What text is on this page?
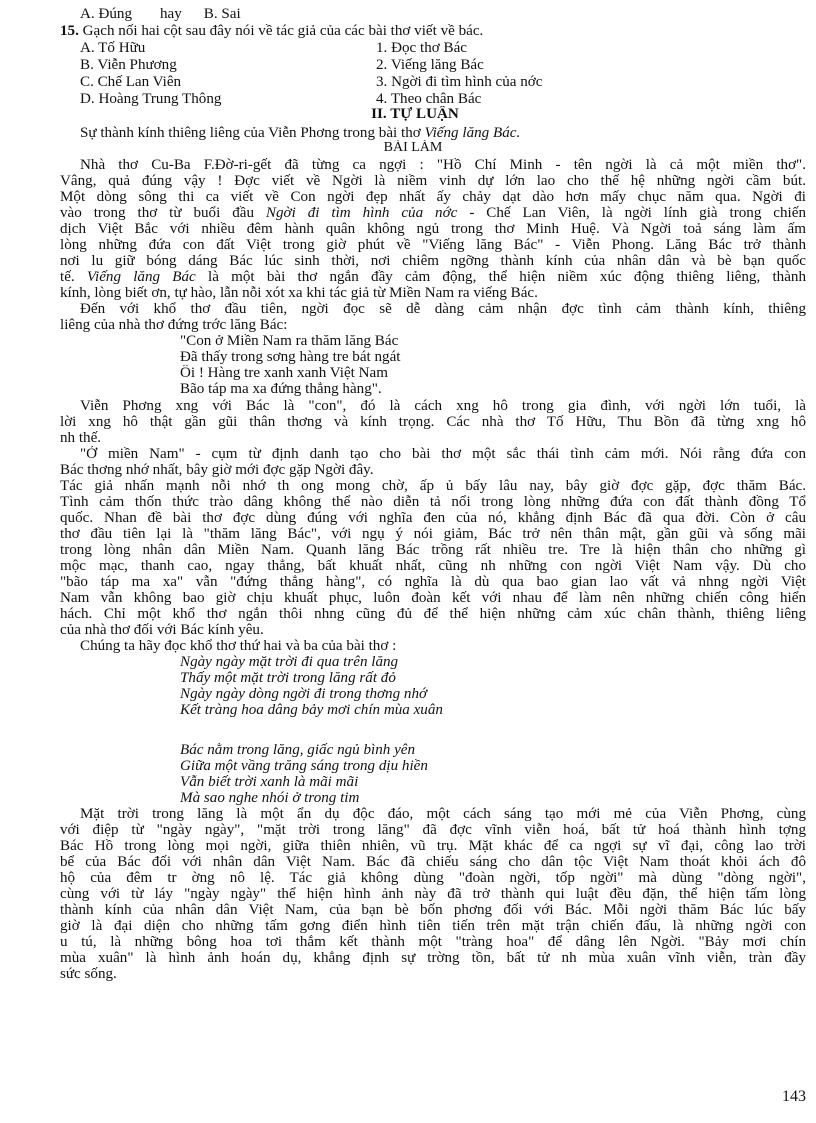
A. Đúng hay B. Sai
15. Gạch nối hai cột sau đây nói về tác giả của các bài thơ viết về bác.
A. Tố Hữu
B. Viễn Phương
C. Chế Lan Viên
D. Hoàng Trung Thông
1. Đọc thơ Bác
2. Viếng lăng Bác
3. Ngời đi tìm hình của nớc
4. Theo chân Bác
II. TỰ LUẬN
Sự thành kính thiêng liêng của Viễn Phơng trong bài thơ Viếng lăng Bác.
BÀI LÀM
Nhà thơ Cu-Ba F.Đờ-ri-gết đã từng ca ngợi : "Hồ Chí Minh - tên ngời là cả một miền thơ".
Vâng, quả đúng vậy ! Đợc viết về Ngời là niềm vinh dự lớn lao cho thế hệ những ngời cầm bút.
Một dòng sông thi ca viết về Con ngời đẹp nhất ấy chảy dạt dào hơn mấy chục năm qua. Ngời đi
vào trong thơ từ buổi đầu Ngời đi tìm hình của nớc - Chế Lan Viên, là ngời lính già trong chiến
dịch Việt Bắc với nhiều đêm hành quân không ngủ trong thơ Minh Huệ. Và Ngời toả sáng làm ấm
lòng những đứa con đất Việt trong giờ phút về "Viếng lăng Bác" - Viễn Phong. Lăng Bác trở thành
nơi lu giữ bóng dáng Bác lúc sinh thời, nơi chiêm ngỡng thành kính của nhân dân và bè bạn quốc
tế. Viếng lăng Bác là một bài thơ ngắn đầy cảm động, thể hiện niềm xúc động thiêng liêng, thành
kính, lòng biết ơn, tự hào, lẫn nỗi xót xa khi tác giả từ Miền Nam ra viếng Bác.
Đến với khổ thơ đầu tiên, ngời đọc sẽ dễ dàng cảm nhận đợc tình cảm thành kính, thiêng
liêng của nhà thơ đứng trớc lăng Bác:
"Con ở Miền Nam ra thăm lăng Bác
Đã thấy trong sơng hàng tre bát ngát
Ôi ! Hàng tre xanh xanh Việt Nam
Bão táp ma xa đứng thẳng hàng".
Viễn Phơng xng với Bác là "con", đó là cách xng hô trong gia đình, với ngời lớn tuổi, là
lời xng hô thật gần gũi thân thơng và kính trọng. Các nhà thơ Tố Hữu, Thu Bồn đã từng xng hô
nh thế.
"Ở miền Nam" - cụm từ định danh tạo cho bài thơ một sắc thái tình cảm mới. Nói rằng đứa con
Bác thơng nhớ nhất, bây giờ mới đợc gặp Ngời đây.
Tác giả nhấn mạnh nỗi nhớ th ong mong chờ, ấp ủ bấy lâu nay, bây giờ đợc gặp, đợc thăm Bác.
Tình cảm thốn thức trào dâng không thể nào diễn tả nổi trong lòng những đứa con đất thành đồng Tổ
quốc. Nhan đề bài thơ đợc dùng đúng với nghĩa đen của nó, khẳng định Bác đã qua đời. Còn ở câu
thơ đầu tiên lại là "thăm lăng Bác", với ngụ ý nói giảm, Bác trở nên thân mật, gần gũi và sống mãi
trong lòng nhân dân Miền Nam. Quanh lăng Bác trồng rất nhiều tre. Tre là hiện thân cho những gì
mộc mạc, thanh cao, ngay thẳng, bất khuất nhất, cũng nh những con ngời Việt Nam vậy. Dù cho
"bão táp ma xa" vẫn "đứng thẳng hàng", có nghĩa là dù qua bao gian lao vất vả nhng ngời Việt
Nam vẫn không bao giờ chịu khuất phục, luôn đoàn kết với nhau để làm nên những chiến công hiển
hách. Chỉ một khổ thơ ngắn thôi nhng cũng đủ để thể hiện những cảm xúc chân thành, thiêng liêng
của nhà thơ đối với Bác kính yêu.
Chúng ta hãy đọc khổ thơ thứ hai và ba của bài thơ :
Ngày ngày mặt trời đi qua trên lăng
Thấy một mặt trời trong lăng rất đỏ
Ngày ngày dòng ngời đi trong thơng nhớ
Kết tràng hoa dâng bảy mơi chín mùa xuân
Bác nằm trong lăng, giấc ngủ bình yên
Giữa một vầng trăng sáng trong dịu hiền
Vẫn biết trời xanh là mãi mãi
Mà sao nghe nhói ở trong tim
Mặt trời trong lăng là một ẩn dụ độc đáo, một cách sáng tạo mới mẻ của Viễn Phơng, cùng
với điệp từ "ngày ngày", "mặt trời trong lăng" đã đợc vĩnh viễn hoá, bất tử hoá thành hình tợng
Bác Hồ trong lòng mọi ngời, giữa thiên nhiên, vũ trụ. Mặt khác để ca ngợi sự vĩ đại, công lao trời
bể của Bác đối với nhân dân Việt Nam. Bác đã chiếu sáng cho dân tộc Việt Nam thoát khỏi ách đô
hộ của đêm tr ờng nô lệ. Tác giả không dùng "đoàn ngời, tốp ngời" mà dùng "dòng ngời",
cùng với từ láy "ngày ngày" thể hiện hình ảnh này đã trở thành qui luật đều đặn, thể hiện tấm lòng
thành kính của nhân dân Việt Nam, của bạn bè bốn phơng đối với Bác. Mỗi ngời thăm Bác lúc bấy
giờ là đại diện cho những tấm gơng điển hình tiên tiến trên mặt trận chiến đấu, là những ngời con
u tú, là những bông hoa tơi thắm kết thành một "tràng hoa" để dâng lên Ngời. "Bảy mơi chín
mùa xuân" là hình ảnh hoán dụ, khẳng định sự trờng tồn, bất tử nh mùa xuân vĩnh viễn, tràn đầy
sức sống.
143
